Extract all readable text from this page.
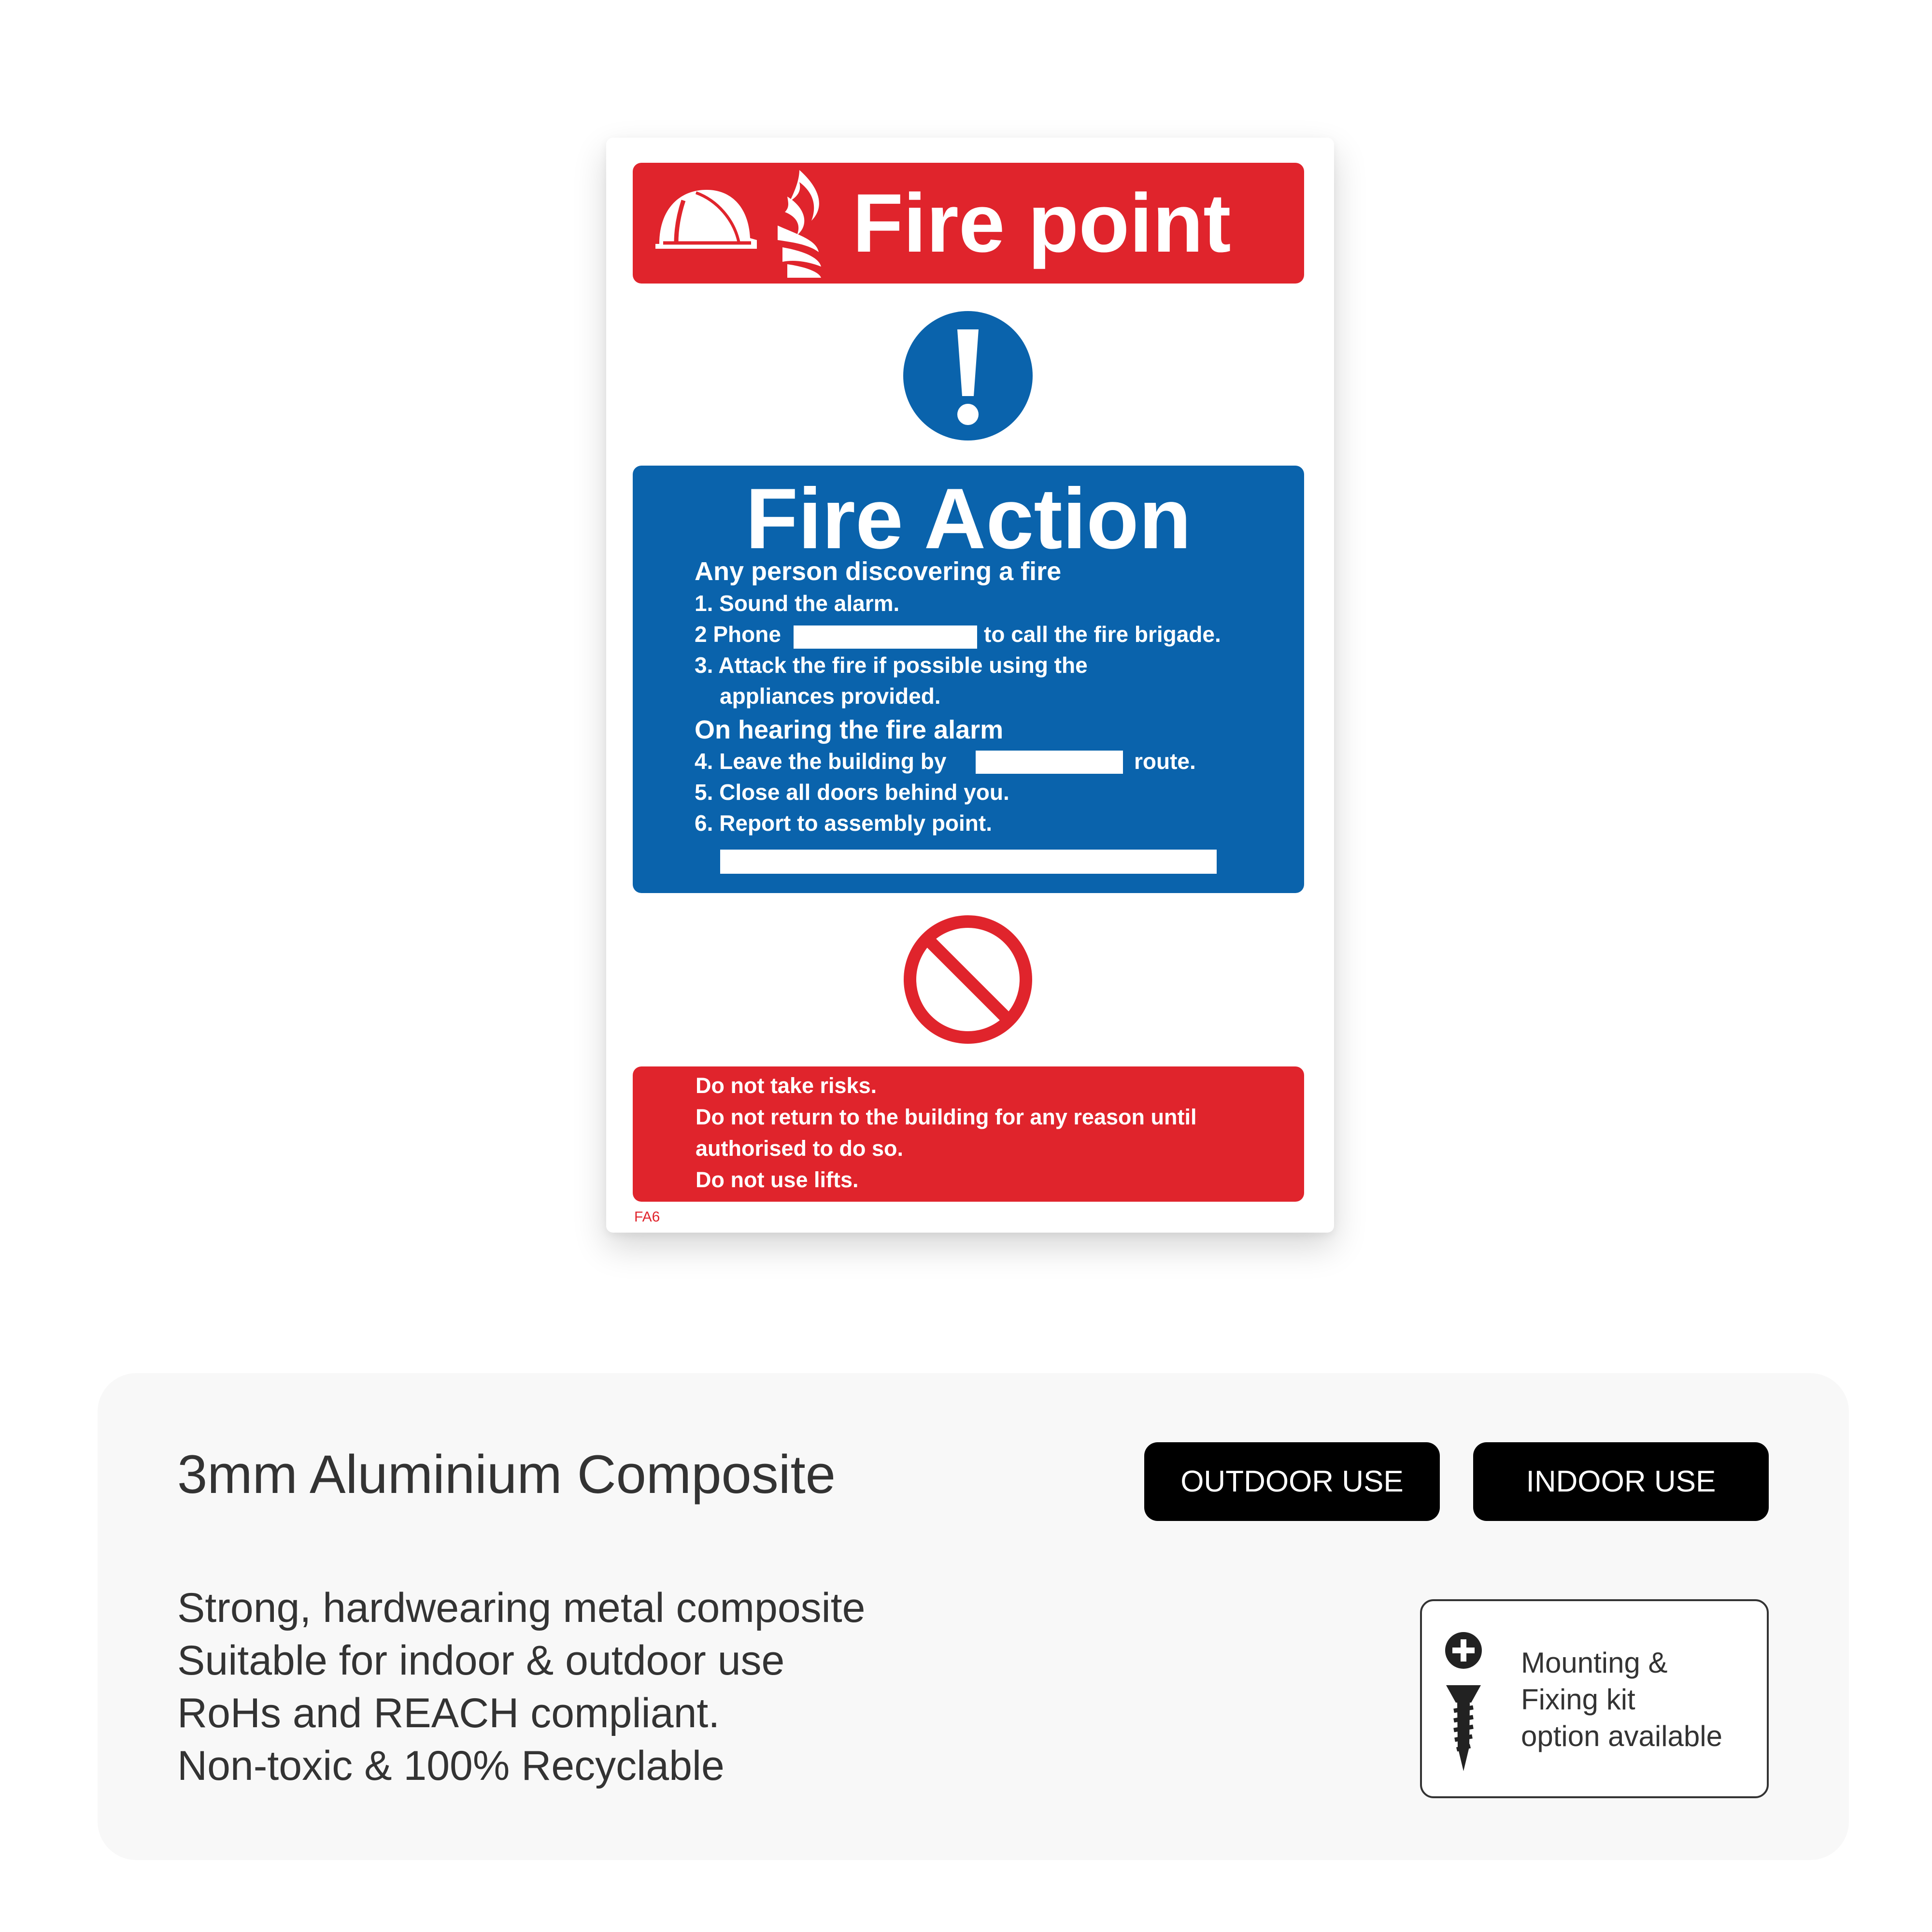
Fire point
Fire Action
Any person discovering a fire
1. Sound the alarm.
2 Phone	to call the fire brigade.
3. Attack the fire if possible using the
appliances provided.
On hearing the fire alarm
4. Leave the building by	route.
5. Close all doors behind you.
6. Report to assembly point.
Do not take risks.
Do not return to the building for any reason until
authorised to do so.
Do not use lifts.
FA6
3mm Aluminium Composite	OUTDOOR USE	INDOOR USE
Strong, hardwearing metal composite
Suitable for indoor & outdoor use
RoHs and REACH compliant.
Non-toxic & 100% Recyclable
Mounting &
Fixing kit
option available
